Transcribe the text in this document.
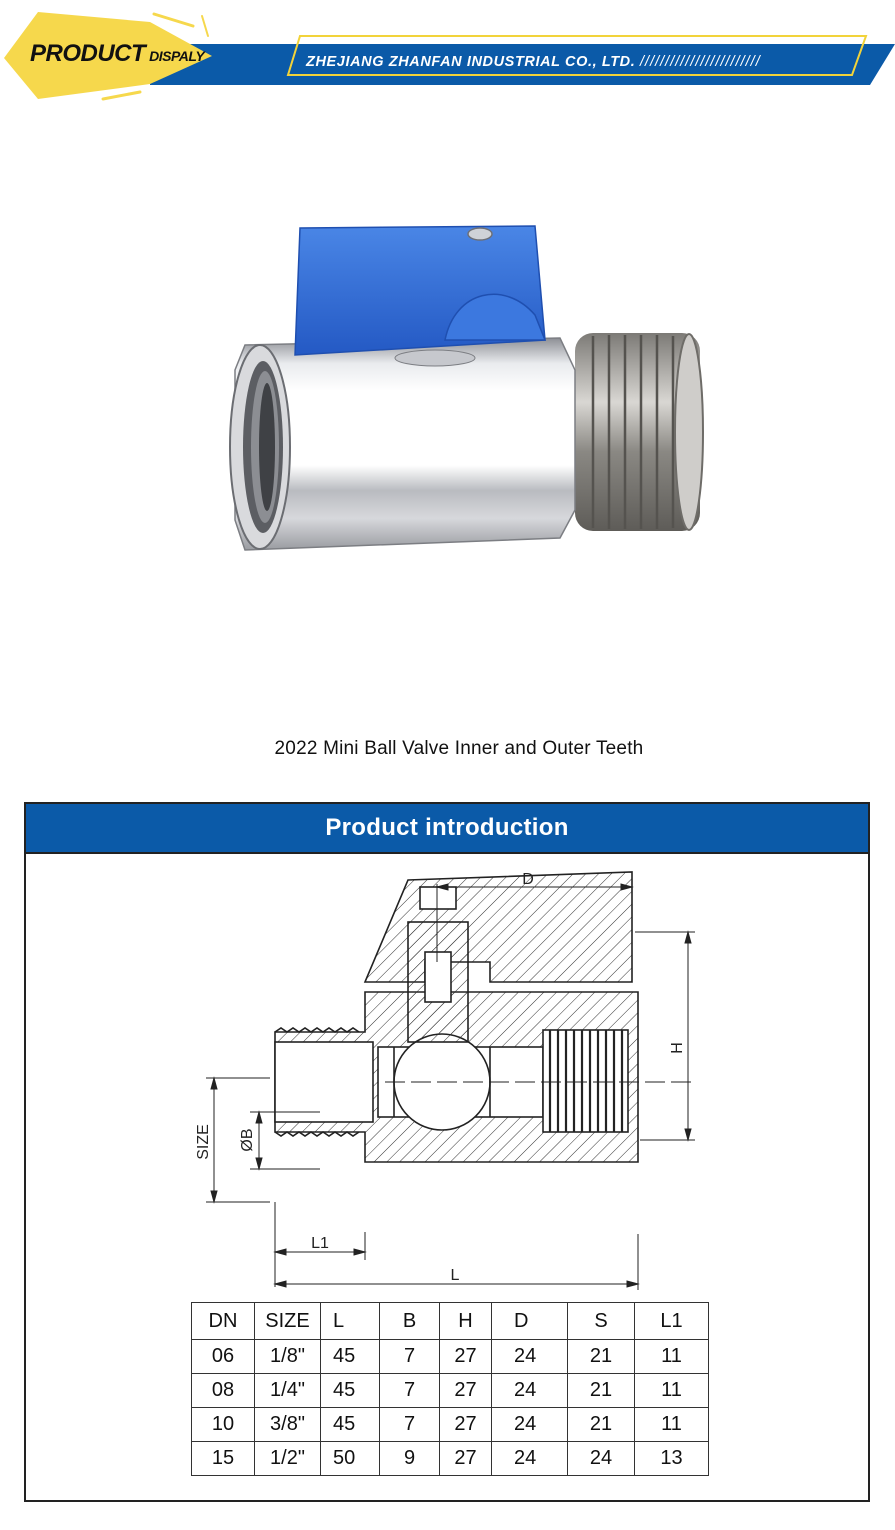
PRODUCT DISPALY	ZHEJIANG ZHANFAN INDUSTRIAL CO., LTD. ////////////////////////
2022 Mini Ball Valve Inner and Outer Teeth
Product introduction
D
H
SIZE ØB
L1
L
DN	SIZE	L	B	H	D	S	L1
06	1/8"	45	7	27	24	21	11
08	1/4"	45	7	27	24	21	11
10	3/8"	45	7	27	24	21	11
15	1/2"	50	9	27	24	24	13
